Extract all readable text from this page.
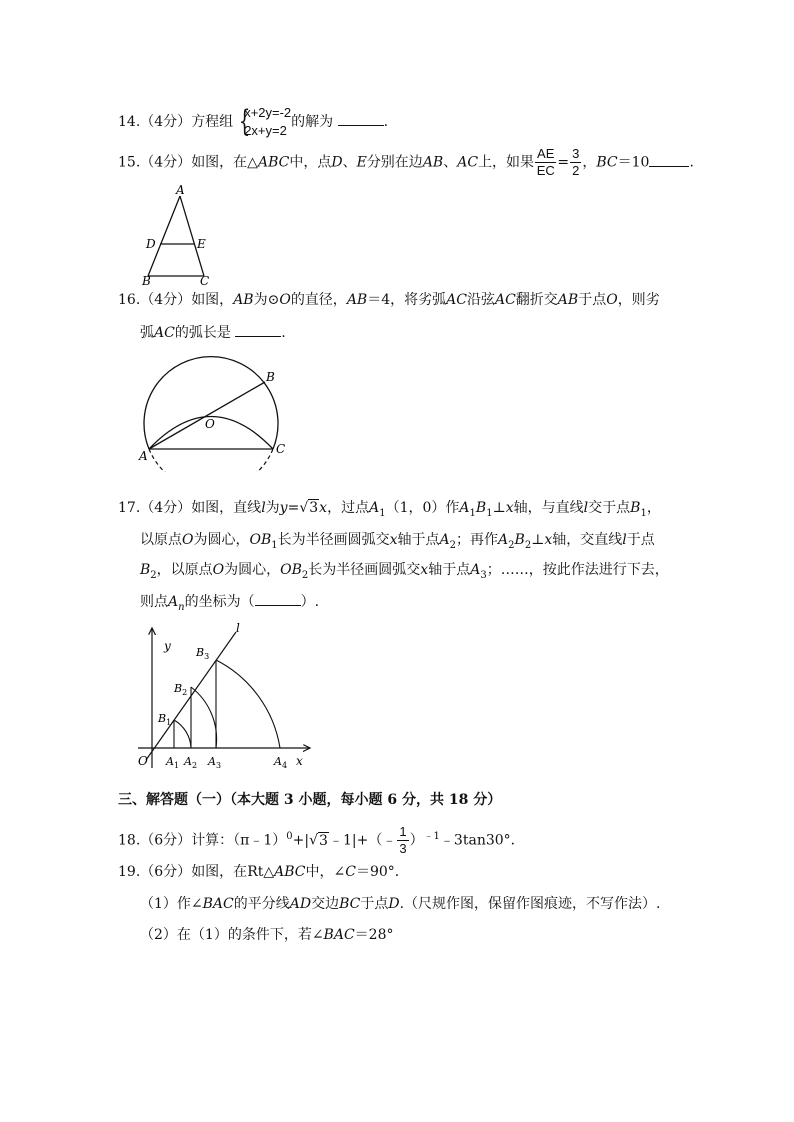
14.（4分）方程组 {
x+2y=-2
2x+y=2
的解为	.
15.（4分）如图，在△ABC中，点D、E分别在边AB、AC上，如果 $\frac{AE}{EC} = \frac{3}{2}$ ，BC＝10	.
A
D	E
B	C
16.（4分）如图，AB为⊙O的直径，AB＝4，将劣弧AC沿弦AC翻折交AB于点O，则劣
弧AC的弧长是	.
B
O
A	C
17.（4分）如图，直线l为y=√3x，过点$A_1(1$，0）作$A_1B_1\perp x$轴，与直线l交于点$B_1$，
以原点O为圆心，$OB_1$长为半径画圆弧交x轴于点$A_2$；再作$A_2B_2\perp x$轴，交直线l于点
$B_2$，以原点O为圆心，$OB_2$长为半径画圆弧交x轴于点$A_3$；……，按此作法进行下去，
则点$A_n$的坐标为（	）.
y
x
l
O
$B_1$
$B_2$
$B_3$
$A_1$ $A_2$ $A_3$	$A_4$
三、解答题（一）（本大题 3 小题，每小题 6 分，共 18 分）
18.（6分）计算：（π﹣1）$^0$+|√3﹣1|+（﹣ $\frac{1}{3}$ ）$^{﹣1}$﹣3tan30°．
19.（6分）如图，在Rt△ABC中，∠C＝90°．
（1）作∠BAC的平分线AD交边BC于点D.（尺规作图，保留作图痕迹，不写作法）.
（2）在（1）的条件下，若∠BAC＝28°
